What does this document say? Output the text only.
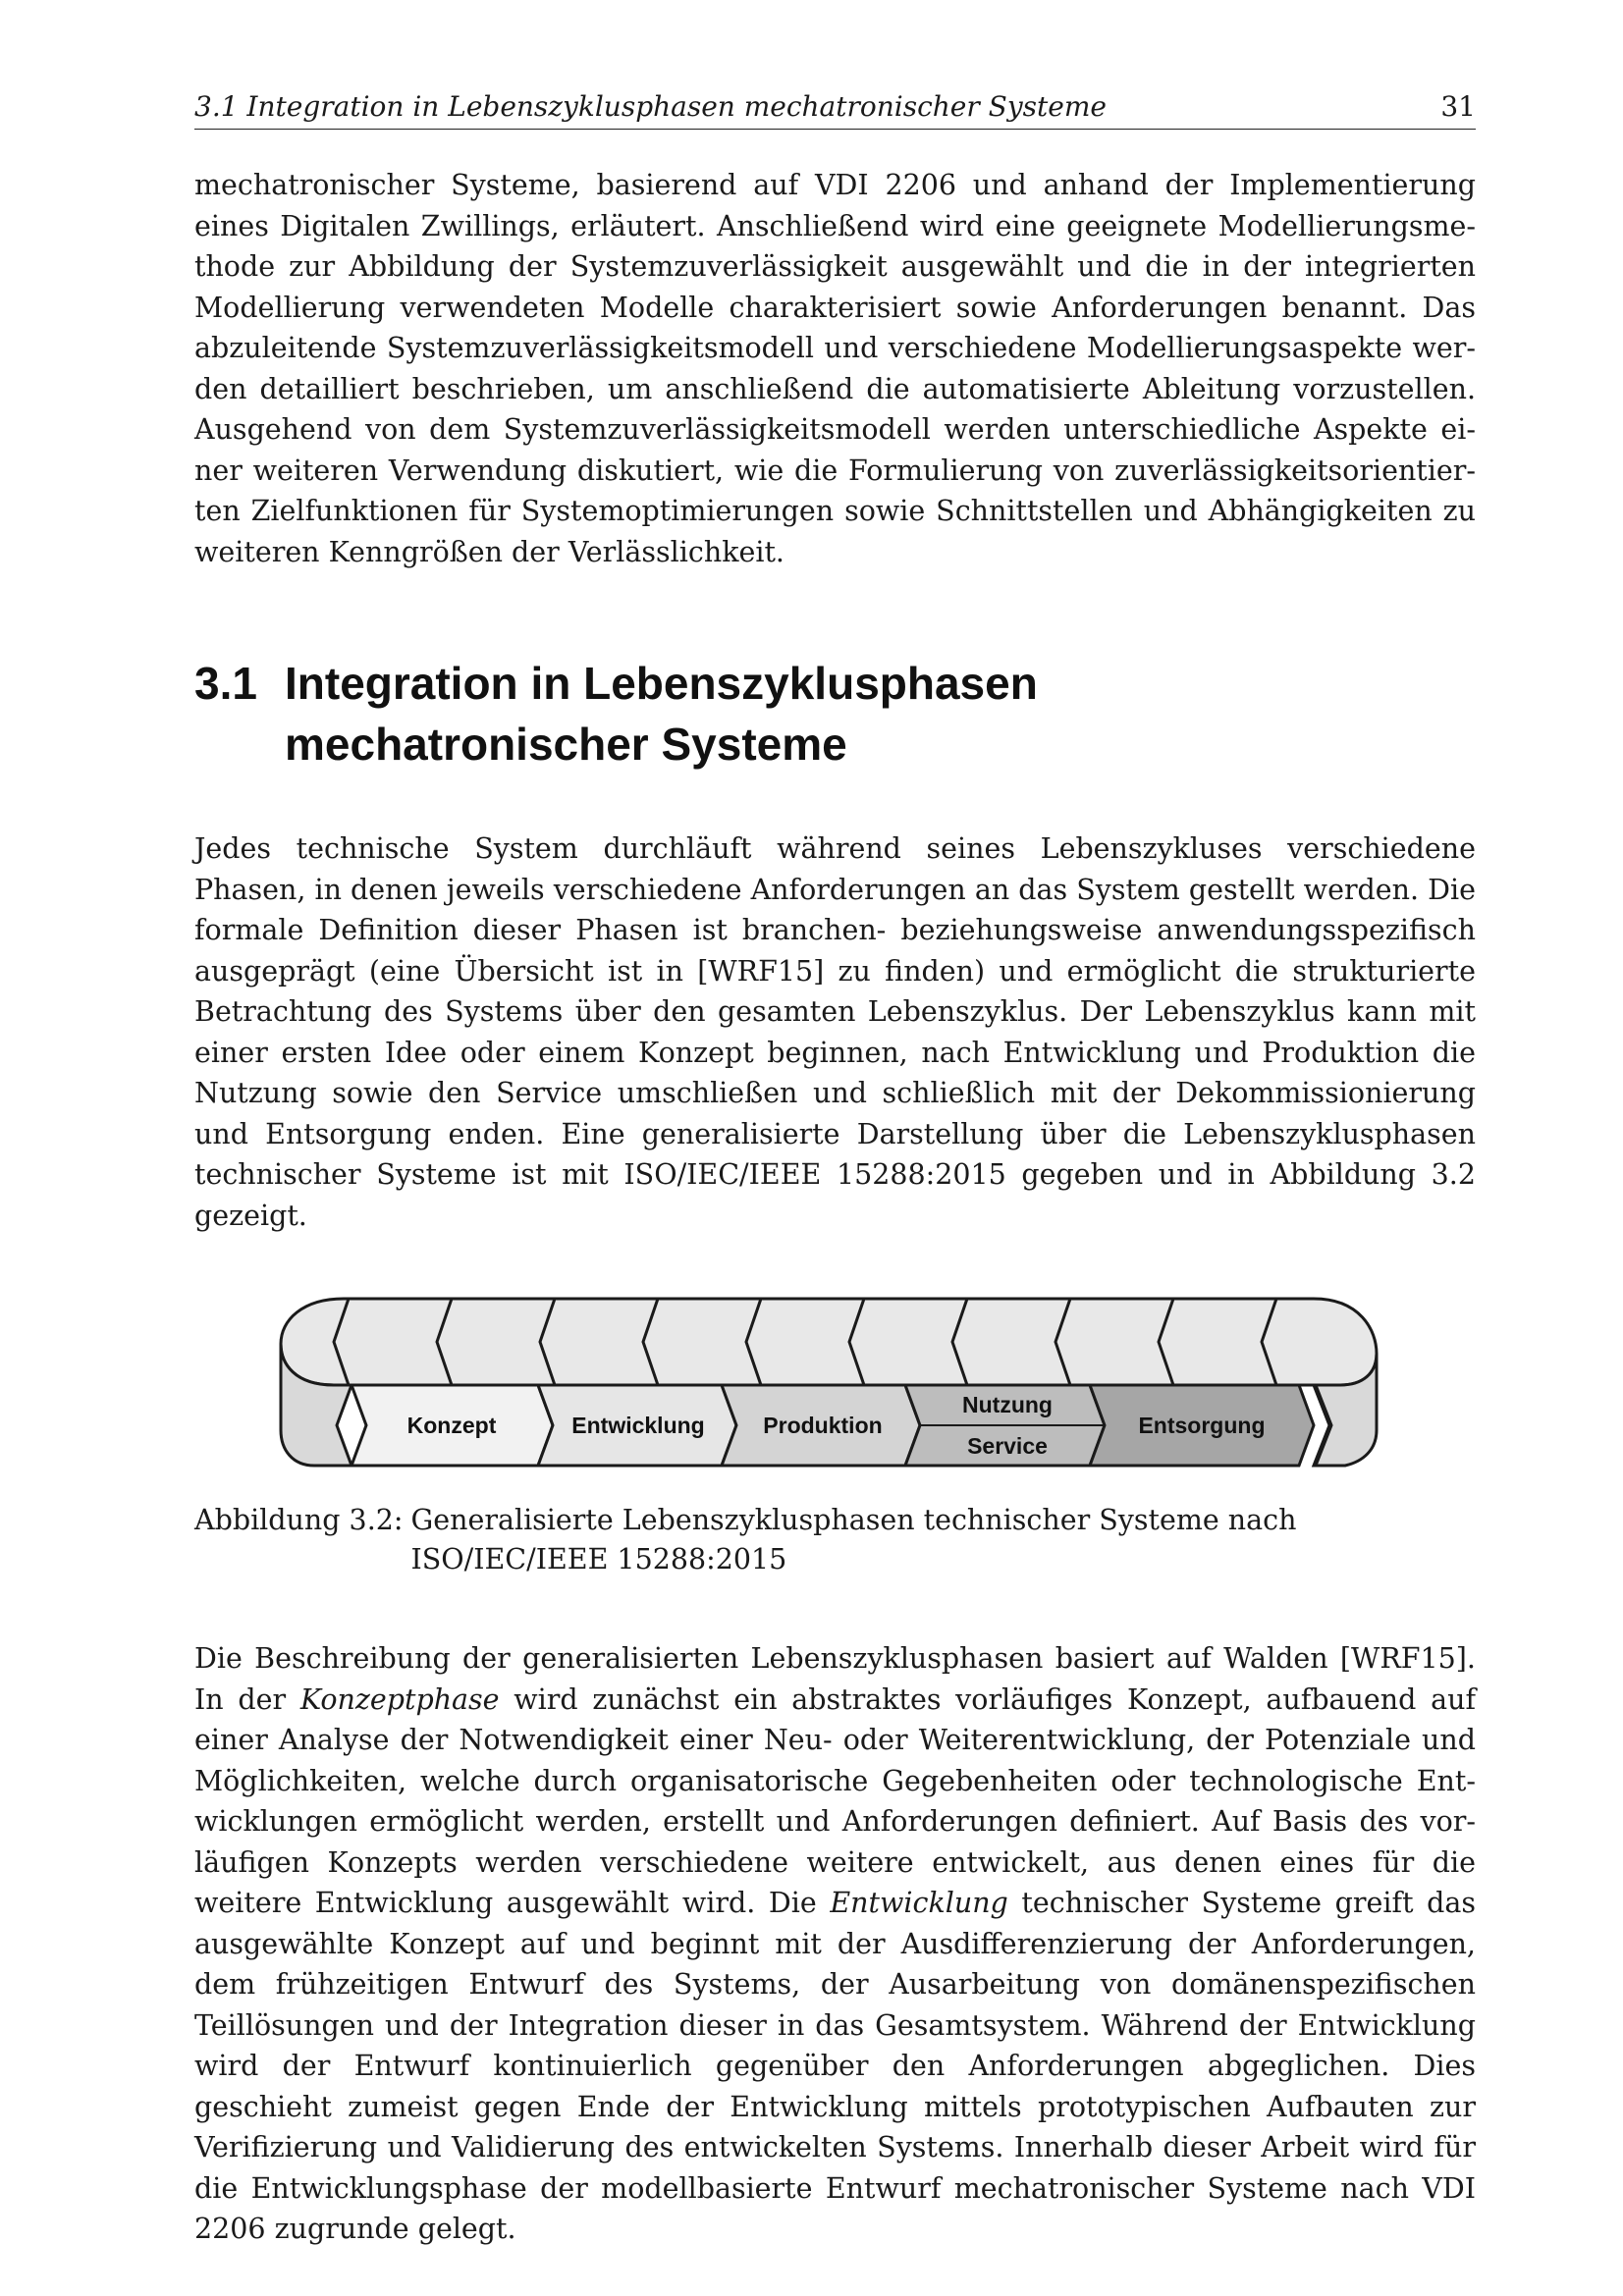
3.1 Integration in Lebenszyklusphasen mechatronischer Systeme	31

mechatronischer Systeme, basierend auf VDI 2206 und anhand der Implementierung eines Digitalen Zwillings, erläutert. Anschließend wird eine geeignete Modellierungsmethode zur Abbildung der Systemzuverlässigkeit ausgewählt und die in der integrierten Modellierung verwendeten Modelle charakterisiert sowie Anforderungen benannt. Das abzuleitende Systemzuverlässigkeitsmodell und verschiedene Modellierungsaspekte werden detailliert beschrieben, um anschließend die automatisierte Ableitung vorzustellen. Ausgehend von dem Systemzuverlässigkeitsmodell werden unterschiedliche Aspekte einer weiteren Verwendung diskutiert, wie die Formulierung von zuverlässigkeitsorientierten Zielfunktionen für Systemoptimierungen sowie Schnittstellen und Abhängigkeiten zu weiteren Kenngrößen der Verlässlichkeit.

3.1 Integration in Lebenszyklusphasen
mechatronischer Systeme

Jedes technische System durchläuft während seines Lebenszykluses verschiedene Phasen, in denen jeweils verschiedene Anforderungen an das System gestellt werden. Die formale Definition dieser Phasen ist branchen- beziehungsweise anwendungsspezifisch ausgeprägt (eine Übersicht ist in [WRF15] zu finden) und ermöglicht die strukturierte Betrachtung des Systems über den gesamten Lebenszyklus. Der Lebenszyklus kann mit einer ersten Idee oder einem Konzept beginnen, nach Entwicklung und Produktion die Nutzung sowie den Service umschließen und schließlich mit der Dekommissionierung und Entsorgung enden. Eine generalisierte Darstellung über die Lebenszyklusphasen technischer Systeme ist mit ISO/IEC/IEEE 15288:2015 gegeben und in Abbildung 3.2 gezeigt.

Konzept	Entwicklung	Produktion
Nutzung
Service
Entsorgung
Abbildung 3.2: Generalisierte Lebenszyklusphasen technischer Systeme nach ISO/IEC/IEEE 15288:2015

Die Beschreibung der generalisierten Lebenszyklusphasen basiert auf Walden [WRF15]. In der Konzeptphase wird zunächst ein abstraktes vorläufiges Konzept, aufbauend auf einer Analyse der Notwendigkeit einer Neu- oder Weiterentwicklung, der Potenziale und Möglichkeiten, welche durch organisatorische Gegebenheiten oder technologische Entwicklungen ermöglicht werden, erstellt und Anforderungen definiert. Auf Basis des vorläufigen Konzepts werden verschiedene weitere entwickelt, aus denen eines für die weitere Entwicklung ausgewählt wird. Die Entwicklung technischer Systeme greift das ausgewählte Konzept auf und beginnt mit der Ausdifferenzierung der Anforderungen, dem frühzeitigen Entwurf des Systems, der Ausarbeitung von domänenspezifischen Teillösungen und der Integration dieser in das Gesamtsystem. Während der Entwicklung wird der Entwurf kontinuierlich gegenüber den Anforderungen abgeglichen. Dies geschieht zumeist gegen Ende der Entwicklung mittels prototypischen Aufbauten zur Verifizierung und Validierung des entwickelten Systems. Innerhalb dieser Arbeit wird für die Entwicklungsphase der modellbasierte Entwurf mechatronischer Systeme nach VDI 2206 zugrunde gelegt.
